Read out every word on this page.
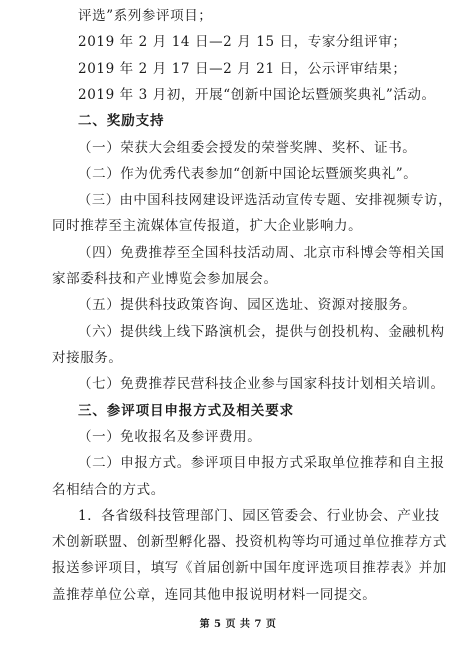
评选”系列参评项目；
2019 年 2 月 14 日—2 月 15 日，专家分组评审；
2019 年 2 月 17 日—2 月 21 日，公示评审结果；
2019 年 3 月初，开展“创新中国论坛暨颁奖典礼”活动。
二、奖励支持
（一）荣获大会组委会授发的荣誉奖牌、奖杯、证书。
（二）作为优秀代表参加“创新中国论坛暨颁奖典礼”。
（三）由中国科技网建设评选活动宣传专题、安排视频专访，
同时推荐至主流媒体宣传报道，扩大企业影响力。
（四）免费推荐至全国科技活动周、北京市科博会等相关国
家部委科技和产业博览会参加展会。
（五）提供科技政策咨询、园区选址、资源对接服务。
（六）提供线上线下路演机会，提供与创投机构、金融机构
对接服务。
（七）免费推荐民营科技企业参与国家科技计划相关培训。
三、参评项目申报方式及相关要求
（一）免收报名及参评费用。
（二）申报方式。参评项目申报方式采取单位推荐和自主报
名相结合的方式。
1．各省级科技管理部门、园区管委会、行业协会、产业技
术创新联盟、创新型孵化器、投资机构等均可通过单位推荐方式
报送参评项目，填写《首届创新中国年度评选项目推荐表》并加
盖推荐单位公章，连同其他申报说明材料一同提交。
第 5 页 共 7 页
